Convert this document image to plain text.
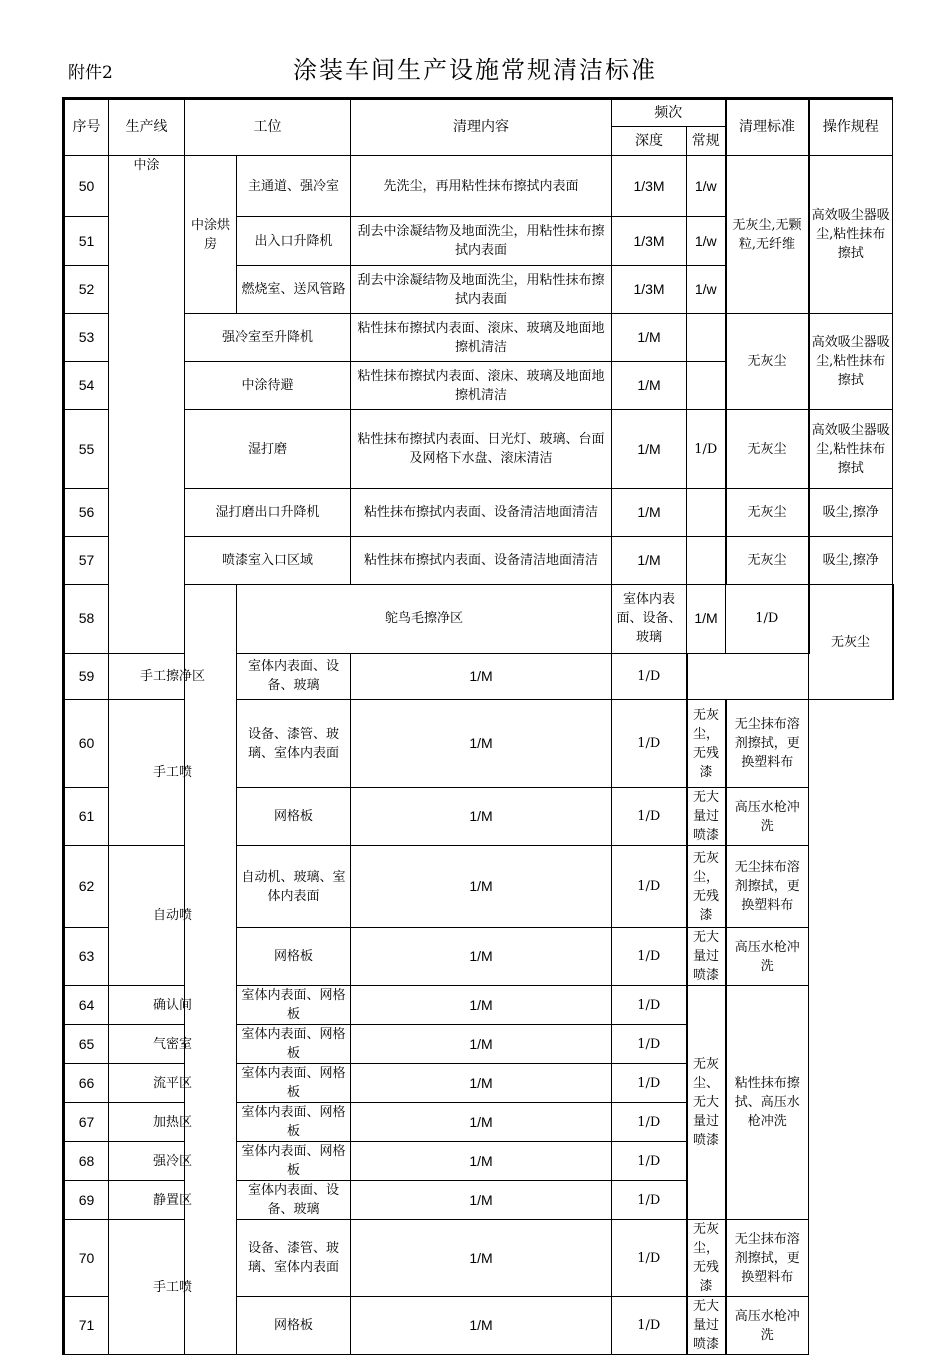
附件2	涂装车间生产设施常规清洁标准
序号	生产线	工位		清理内容	频次		清理标准	操作规程	
					深度	常规			
50	中涂	中涂烘房	主通道、强冷室	先洗尘，再用粘性抹布擦拭内表面	1/3M	1/w	无灰尘,无颗粒,无纤维	高效吸尘器吸尘,粘性抹布擦拭	
51			出入口升降机	刮去中涂凝结物及地面洗尘，用粘性抹布擦拭内表面	1/3M	1/w			
52			燃烧室、送风管路	刮去中涂凝结物及地面洗尘，用粘性抹布擦拭内表面	1/3M	1/w			
53		强冷室至升降机		粘性抹布擦拭内表面、滚床、玻璃及地面地擦机清洁	1/M		无灰尘	高效吸尘器吸尘,粘性抹布擦拭	
54		中涂待避		粘性抹布擦拭内表面、滚床、玻璃及地面地擦机清洁	1/M				
55		湿打磨		粘性抹布擦拭内表面、日光灯、玻璃、台面及网格下水盘、滚床清洁	1/M	1/D	无灰尘	高效吸尘器吸尘,粘性抹布擦拭	
56		湿打磨出口升降机		粘性抹布擦拭内表面、设备清洁地面清洁	1/M		无灰尘	吸尘,擦净	
57		喷漆室入口区域		粘性抹布擦拭内表面、设备清洁地面清洁	1/M		无灰尘	吸尘,擦净	
58			鸵鸟毛擦净区		室体内表面、设备、玻璃	1/M	1/D	无灰尘	
59	手工擦净区		室体内表面、设备、玻璃	1/M	1/D				
60	手工喷		设备、漆管、玻璃、室体内表面	1/M	1/D	无灰尘，无残漆	无尘抹布溶剂擦拭，更换塑料布		
61			网格板	1/M	1/D	无大量过喷漆	高压水枪冲洗		
62	自动喷		自动机、玻璃、室体内表面	1/M	1/D	无灰尘，无残漆	无尘抹布溶剂擦拭，更换塑料布		
63			网格板	1/M	1/D	无大量过喷漆	高压水枪冲洗		
64	确认间		室体内表面、网格板	1/M	1/D	无灰尘、无大量过喷漆	粘性抹布擦拭、高压水枪冲洗		
65	气密室		室体内表面、网格板	1/M	1/D				
66	流平区		室体内表面、网格板	1/M	1/D				
67	加热区		室体内表面、网格板	1/M	1/D				
68	强冷区		室体内表面、网格板	1/M	1/D				
69	静置区		室体内表面、设备、玻璃	1/M	1/D				
70	手工喷		设备、漆管、玻璃、室体内表面	1/M	1/D	无灰尘，无残漆	无尘抹布溶剂擦拭，更换塑料布		
71			网格板	1/M	1/D	无大量过喷漆	高压水枪冲洗		
